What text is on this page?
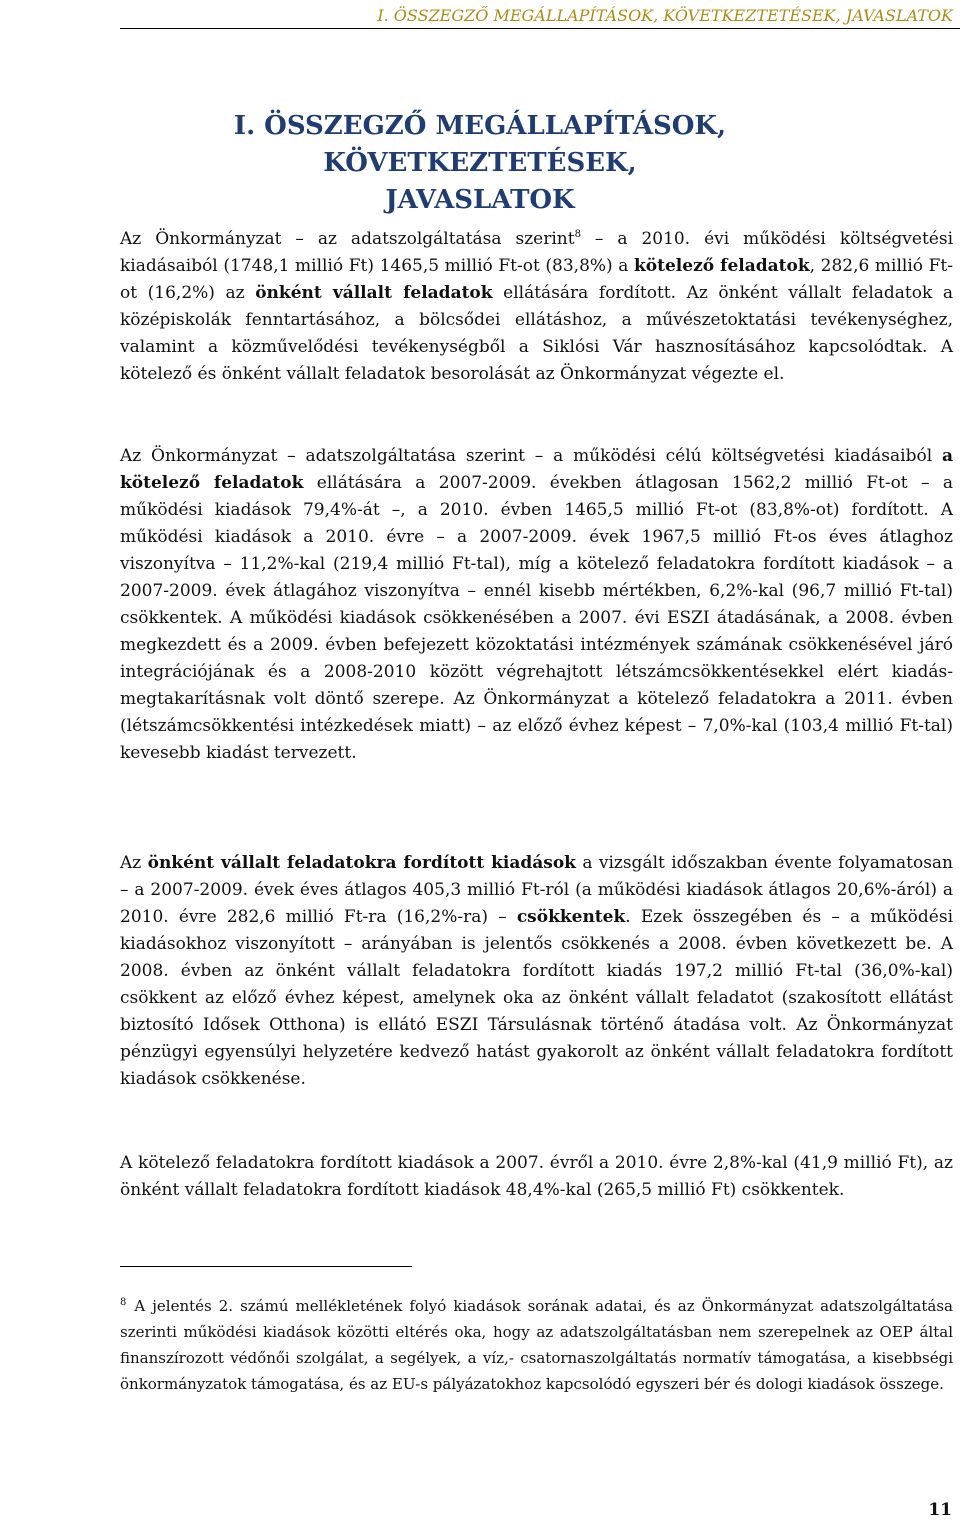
I. ÖSSZEGZŐ MEGÁLLAPÍTÁSOK, KÖVETKEZTETÉSEK, JAVASLATOK
I. ÖSSZEGZŐ MEGÁLLAPÍTÁSOK, KÖVETKEZTETÉSEK,
JAVASLATOK

Az Önkormányzat – az adatszolgáltatása szerint$^8$ – a 2010. évi működési költségvetési kiadásaiból (1748,1 millió Ft) 1465,5 millió Ft-ot (83,8%) a kötelező feladatok, 282,6 millió Ft-ot (16,2%) az önként vállalt feladatok ellátására fordított. Az önként vállalt feladatok a középiskolák fenntartásához, a bölcsődei ellátáshoz, a művészetoktatási tevékenységhez, valamint a közművelődési tevékenységből a Siklósi Vár hasznosításához kapcsolódtak. A kötelező és önként vállalt feladatok besorolását az Önkormányzat végezte el.

Az Önkormányzat – adatszolgáltatása szerint – a működési célú költségvetési kiadásaiból a kötelező feladatok ellátására a 2007-2009. években átlagosan 1562,2 millió Ft-ot – a működési kiadások 79,4%-át –, a 2010. évben 1465,5 millió Ft-ot (83,8%-ot) fordított. A működési kiadások a 2010. évre – a 2007-2009. évek 1967,5 millió Ft-os éves átlaghoz viszonyítva – 11,2%-kal (219,4 millió Ft-tal), míg a kötelező feladatokra fordított kiadások – a 2007-2009. évek átlagához viszonyítva – ennél kisebb mértékben, 6,2%-kal (96,7 millió Ft-tal) csökkentek. A működési kiadások csökkenésében a 2007. évi ESZI átadásának, a 2008. évben megkezdett és a 2009. évben befejezett közoktatási intézmények számának csökkenésével járó integrációjának és a 2008-2010 között végrehajtott létszámcsökkentésekkel elért kiadás-megtakarításnak volt döntő szerepe. Az Önkormányzat a kötelező feladatokra a 2011. évben (létszámcsökkentési intézkedések miatt) – az előző évhez képest – 7,0%-kal (103,4 millió Ft-tal) kevesebb kiadást tervezett.

Az önként vállalt feladatokra fordított kiadások a vizsgált időszakban évente folyamatosan – a 2007-2009. évek éves átlagos 405,3 millió Ft-ról (a működési kiadások átlagos 20,6%-áról) a 2010. évre 282,6 millió Ft-ra (16,2%-ra) – csökkentek. Ezek összegében és – a működési kiadásokhoz viszonyított – arányában is jelentős csökkenés a 2008. évben következett be. A 2008. évben az önként vállalt feladatokra fordított kiadás 197,2 millió Ft-tal (36,0%-kal) csökkent az előző évhez képest, amelynek oka az önként vállalt feladatot (szakosított ellátást biztosító Idősek Otthona) is ellátó ESZI Társulásnak történő átadása volt. Az Önkormányzat pénzügyi egyensúlyi helyzetére kedvező hatást gyakorolt az önként vállalt feladatokra fordított kiadások csökkenése.

A kötelező feladatokra fordított kiadások a 2007. évről a 2010. évre 2,8%-kal (41,9 millió Ft), az önként vállalt feladatokra fordított kiadások 48,4%-kal (265,5 millió Ft) csökkentek.

$^8$ A jelentés 2. számú mellékletének folyó kiadások sorának adatai, és az Önkormányzat adatszolgáltatása szerinti működési kiadások közötti eltérés oka, hogy az adatszolgáltatásban nem szerepelnek az OEP által finanszírozott védőnői szolgálat, a segélyek, a víz,- csatornaszolgáltatás normatív támogatása, a kisebbségi önkormányzatok támogatása, és az EU-s pályázatokhoz kapcsolódó egyszeri bér és dologi kiadások összege.
11
